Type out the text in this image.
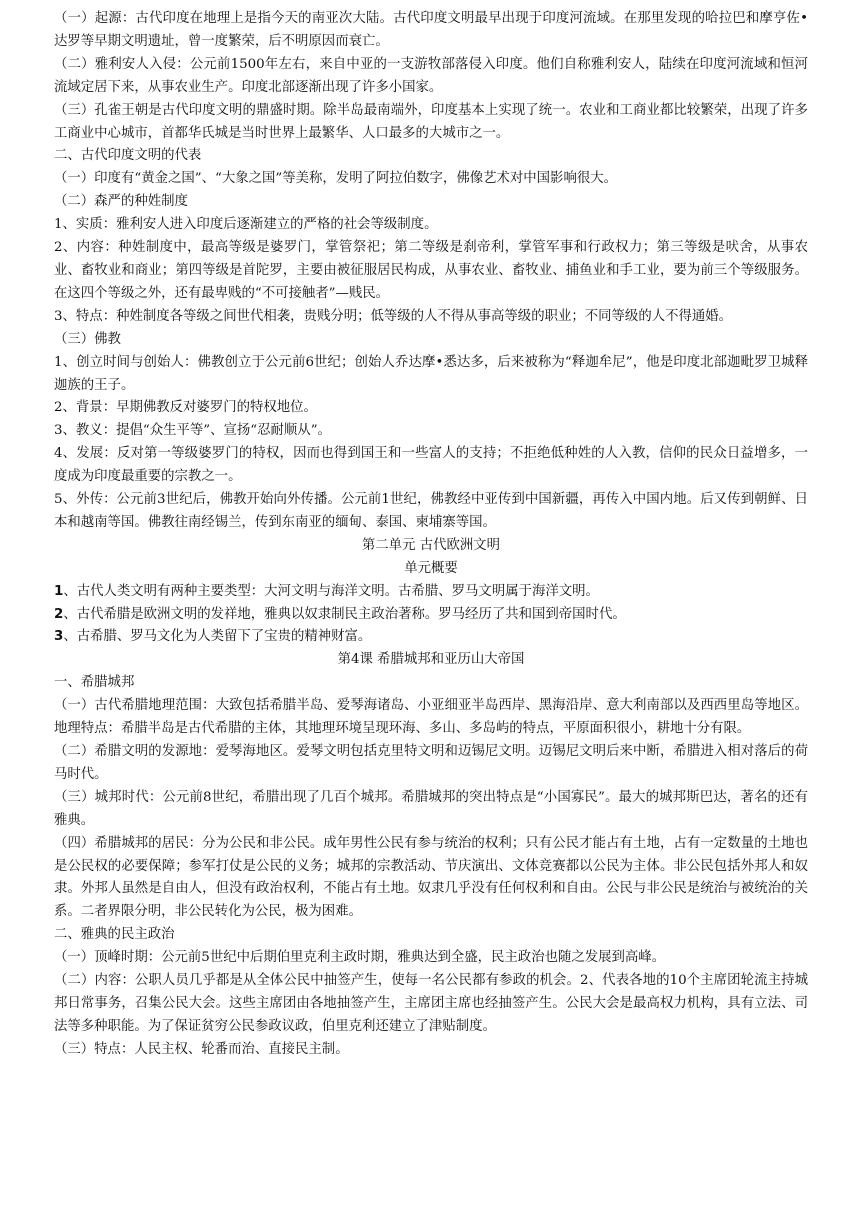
（一）起源：古代印度在地理上是指今天的南亚次大陆。古代印度文明最早出现于印度河流域。在那里发现的哈拉巴和摩亨佐•达罗等早期文明遗址，曾一度繁荣，后不明原因而衰亡。

（二）雅利安人入侵：公元前1500年左右，来自中亚的一支游牧部落侵入印度。他们自称雅利安人，陆续在印度河流域和恒河流域定居下来，从事农业生产。印度北部逐渐出现了许多小国家。

（三）孔雀王朝是古代印度文明的鼎盛时期。除半岛最南端外，印度基本上实现了统一。农业和工商业都比较繁荣，出现了许多工商业中心城市，首都华氏城是当时世界上最繁华、人口最多的大城市之一。

二、古代印度文明的代表

（一）印度有“黄金之国”、“大象之国”等美称，发明了阿拉伯数字，佛像艺术对中国影响很大。

（二）森严的种姓制度

1、实质：雅利安人进入印度后逐渐建立的严格的社会等级制度。

2、内容：种姓制度中，最高等级是婆罗门，掌管祭祀；第二等级是刹帝利，掌管军事和行政权力；第三等级是吠舍，从事农业、畜牧业和商业；第四等级是首陀罗，主要由被征服居民构成，从事农业、畜牧业、捕鱼业和手工业，要为前三个等级服务。在这四个等级之外，还有最卑贱的“不可接触者”—贱民。

3、特点：种姓制度各等级之间世代相袭，贵贱分明；低等级的人不得从事高等级的职业；不同等级的人不得通婚。

（三）佛教

1、创立时间与创始人：佛教创立于公元前6世纪；创始人乔达摩•悉达多，后来被称为“释迦牟尼”，他是印度北部迦毗罗卫城释迦族的王子。

2、背景：早期佛教反对婆罗门的特权地位。

3、教义：提倡“众生平等”、宣扬“忍耐顺从”。

4、发展：反对第一等级婆罗门的特权，因而也得到国王和一些富人的支持；不拒绝低种姓的人入教，信仰的民众日益增多，一度成为印度最重要的宗教之一。

5、外传：公元前3世纪后，佛教开始向外传播。公元前1世纪，佛教经中亚传到中国新疆，再传入中国内地。后又传到朝鲜、日本和越南等国。佛教往南经锡兰，传到东南亚的缅甸、泰国、柬埔寨等国。

第二单元 古代欧洲文明

单元概要

1、古代人类文明有两种主要类型：大河文明与海洋文明。古希腊、罗马文明属于海洋文明。

2、古代希腊是欧洲文明的发祥地，雅典以奴隶制民主政治著称。罗马经历了共和国到帝国时代。

3、古希腊、罗马文化为人类留下了宝贵的精神财富。

第4课 希腊城邦和亚历山大帝国

一、希腊城邦

（一）古代希腊地理范围：大致包括希腊半岛、爱琴海诸岛、小亚细亚半岛西岸、黑海沿岸、意大利南部以及西西里岛等地区。地理特点：希腊半岛是古代希腊的主体，其地理环境呈现环海、多山、多岛屿的特点，平原面积很小，耕地十分有限。

（二）希腊文明的发源地：爱琴海地区。爱琴文明包括克里特文明和迈锡尼文明。迈锡尼文明后来中断，希腊进入相对落后的荷马时代。

（三）城邦时代：公元前8世纪，希腊出现了几百个城邦。希腊城邦的突出特点是“小国寡民”。最大的城邦斯巴达，著名的还有雅典。

（四）希腊城邦的居民：分为公民和非公民。成年男性公民有参与统治的权利；只有公民才能占有土地，占有一定数量的土地也是公民权的必要保障；参军打仗是公民的义务；城邦的宗教活动、节庆演出、文体竞赛都以公民为主体。非公民包括外邦人和奴隶。外邦人虽然是自由人，但没有政治权利，不能占有土地。奴隶几乎没有任何权利和自由。公民与非公民是统治与被统治的关系。二者界限分明，非公民转化为公民，极为困难。

二、雅典的民主政治

（一）顶峰时期：公元前5世纪中后期伯里克利主政时期，雅典达到全盛，民主政治也随之发展到高峰。

（二）内容：公职人员几乎都是从全体公民中抽签产生，使每一名公民都有参政的机会。2、代表各地的10个主席团轮流主持城邦日常事务，召集公民大会。这些主席团由各地抽签产生，主席团主席也经抽签产生。公民大会是最高权力机构，具有立法、司法等多种职能。为了保证贫穷公民参政议政，伯里克利还建立了津贴制度。

（三）特点：人民主权、轮番而治、直接民主制。
